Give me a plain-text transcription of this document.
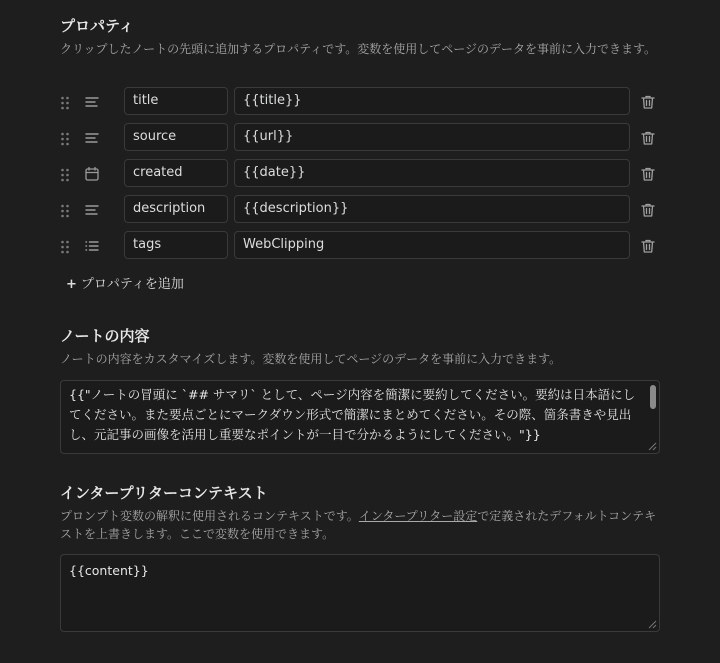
プロパティ

クリップしたノートの先頭に追加するプロパティです。変数を使用してページのデータを事前に入力できます。

title
{{title}}
source
{{url}}
created
{{date}}
description
{{description}}
tags
WebClipping
+ プロパティを追加
ノートの内容

ノートの内容をカスタマイズします。変数を使用してページのデータを事前に入力できます。

{{"ノートの冒頭に `## サマリ` として、ページ内容を簡潔に要約してください。要約は日本語にしてください。また要点ごとにマークダウン形式で簡潔にまとめてください。その際、箇条書きや見出し、元記事の画像を活用し重要なポイントが一目で分かるようにしてください。"}}
インタープリターコンテキスト

プロンプト変数の解釈に使用されるコンテキストです。インタープリター設定で定義されたデフォルトコンテキストを上書きします。ここで変数を使用できます。

{{content}}
